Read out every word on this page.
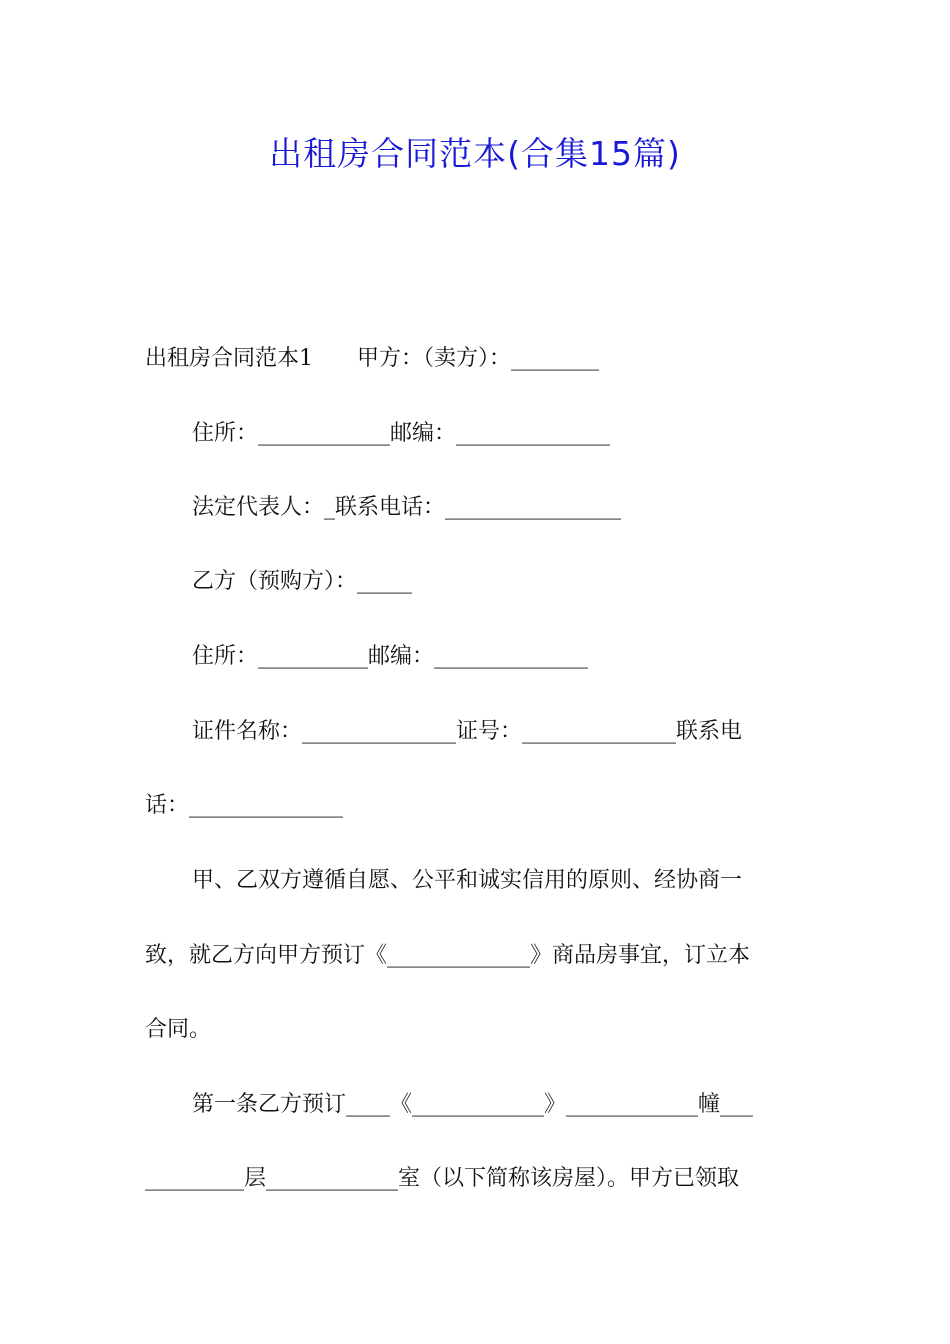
出租房合同范本(合集15篇)
出租房合同范本1 甲方：（卖方）：________
住所：____________邮编：______________
法定代表人：_联系电话：________________
乙方（预购方）：_____
住所：__________邮编：______________
证件名称：______________证号：______________联系电
话：______________
甲、乙双方遵循自愿、公平和诚实信用的原则、经协商一
致，就乙方向甲方预订《_____________》商品房事宜，订立本
合同。
第一条乙方预订____《____________》____________幢___
_________层____________室（以下简称该房屋）。甲方已领取
